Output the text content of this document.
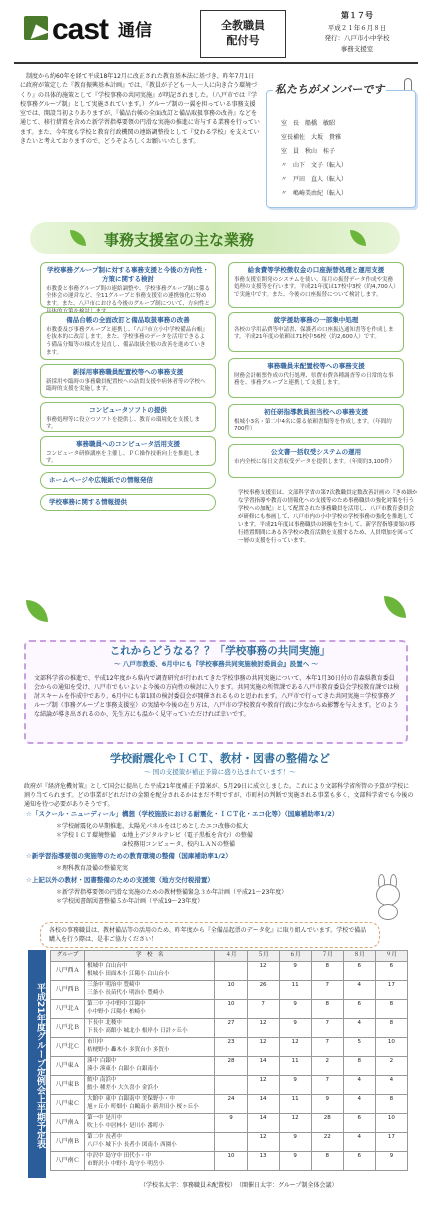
cast 通信	全教職員
配付号
第１７号
平成２１年６月８日
発行：八戸市小中学校
事務支援室

制度から約60年を経て平成18年12月に改正された教育基本法に基づき、昨年7月1日に政府が策定した『教育振興基本計画』では、『教員が子ども一人一人に向き合う環境づくり』の具体的施策として『学校事務の共同実施』が明記されました。（八戸市では『学校事務グループ制』として実施されています。）グループ制の一翼を担っている事務支援室では、開設当初よりありますが、『備品台帳の全面改訂と備品取扱事務の改善』などを通じて、移行措置を含めた新学習指導要領の円滑な実施の推進に寄与する業務を行っています。また、今年度も学校と教育行政機関の連絡調整役として『変わる学校』を支えていきたいと考えておりますので、どうぞよろしくお願いいたします。

私たちがメンバーです
室　長　 船橋　敏昭
室長補佐　 大坂　貴雅
室　員　 秋山　桂子
〃　 山下　文子（転入）
〃　 戸田　直人（転入）
〃　 嶋崎美由紀（転入）
事務支援室の主な業務
学校事務グループ制に対する事務支援と今後の方向性・方策に関する検討
市教委と事務グループ間の連絡調整や、学校事務グループ制に係る全体会の運営など、全11グループと事務支援室の連携強化に努めます。また、八戸市における今後のグループ制について、方向性と
給食費等学校徴収金の口座振替処理と運用支援
事務支援室開発のシステムを使い、毎月の振替データ作成や実務処理の支援等を行います。平成21年度は17校中3校（約4,700人）で実施中です。また、今後の口座振替について検討します。
備品台帳の全面改訂と備品取扱事務の改善
市教委及び事務グループと連携し、『八戸市立小中学校備品台帳』を抜本的に改訂します。また、学校事務のデータを活用できるよう備品分類等の様式を見直し、備品取扱全般の改善を進めていきます。
就学援助事務の一部集中処理
各校の学用品費等申請書、保護者の口座振込通知書等を作成します。平成21年度の依頼は71校中56校（約2,600人）です。
新採用事務職員配置校等への事務支援
新採用や臨時の事務職員配置校への訪問支援や病休者等の学校へ臨時的支援を実施します。
事務職員未配置校等への事務支援
財務会計帳票作成の代行処理、県費市費各種調査等の日常的な事務を、事務グループと連携して支援します。
コンピュータソフトの提供
事務処理等に役立つソフトを提供し、教育の環境化を支援します。
初任研指導教員担当校への事務支援
根城小3名・第二中4名に係る依頼書類等を作成します。（年間約700件）
事務職員へのコンピュータ活用支援
コンピュータ研修講座を主催し、ＰＣ操作技術向上を推進します。
公文書一括収受システムの運用
市内全校に毎日文書収受データを提供します。（年間約3,100件）
ホームページや広報紙での情報発信
学校事務に関する情報提供
学校事務支援室は、文部科学省の第7次教職員定数改善計画の『きめ細かな学習指導や教育の情報化への支援等のため事務職員の強化対策を行う学校への加配』として配置された事務職員を活用し、八戸市教育委員会が研修にも参画して、八戸市内の小中学校の学校事務の強化を推進しています。平成21年度は事務職員の経験を生かして、新学習指導要領の移行措置期間にある各学校の教育活動を支援するため、人員増加を図って一層の支援を行っています。
これからどうなる？？「学校事務の共同実施」
～ 八戸市教委、6月中にも『学校事務共同実施検討委員会』設置へ ～
文部科学省の推進で、平成12年度から県内で調査研究が行われてきた学校事務の共同実施について、本年1月30日付の青森県教育委員会からの通知を受け、八戸市でもいよいよ今後の方向性の検討に入ります。共同実施の所管課である八戸市教育委員会学校教育課では検討スキームを作成中であり、6月中にも第1回の検討委員会が開催されるものと思われます。八戸市で行ってきた共同実施＝学校事務グループ制（事務グループと事務支援室）の実績や今後の在り方は、八戸市の学校教育や教育行政に少なからぬ影響を与えます。どのような結論が導き出されるのか、先生方にも温かく見守っていただければ幸いです。
学校耐震化やＩＣＴ、教材・図書の整備など
～ 国の支援策が補正予算に盛り込まれています！～
政府が『経済危機対策』として国会に提出した平成21年度補正予算案が、5月29日に成立しました。これにより文部科学省所管の予算が学校に割り当てられます。どの事業がどれだけの金額を配分されるかはまだ不明ですが、市町村の判断で実施される事業も多く、文部科学省でも今後の通知を待つ必要がありそうです。
☆「スクール・ニューディール」構想（学校施設における耐震化・ＩＣＴ化・エコ化等）（国庫補助率1/2）
＊学校耐震化の早期推進、太陽光パネルをはじめとしたエコ改修の拡大
＊学校ＩＣＴ環境整備　①地上デジタルテレビ（電子黒板を含む）の整備
　　　　　　　　　　　②校務用コンピュータ、校内ＬＡＮの整備
☆新学習指導要領の実施等のための教育環境の整備（国庫補助率1/2）
＊理科教育設備の整備充実
☆上記以外の教材・図書整備のための支援策（地方交付税措置）
＊新学習指導要領の円滑な実施のための教材整備緊急３か年計画（平成21～23年度）
＊学校図書館図書整備５か年計画（平成19～23年度）
各校の事務職員は、教材備品等の活用のため、昨年度から『全備品起票のデータ化』に取り組んでいます。学校で備品購入を行う際は、是非ご協力ください！
平成21年度グループ定例会上半期予定表
グループ	学　校　名	４月	５月	６月	７月	８月	９月
八戸西Ａ	根城中 白山台中
根城小 田面木小 江陽小 白山台小		12	9	8	6	6
八戸西Ｂ	三条中 明治中 豊崎中
三条小 長苗代小 明治小 豊崎小	10	26	11	7	4	17
八戸北Ａ	第三中 小中野中 江陽中
小中野小 江陽小 柏崎小	10	7	9	8	6	8
八戸北Ｂ	下長中 北稜中
下長小 高館小 城北小 根岸小 日計ヶ丘小	27	12	9	7	4	8
八戸北Ｃ	市川中
桔梗野小 轟木小 多賀台小 多賀小	23	12	12	7	5	10
八戸東Ａ	湊中 白銀中
湊小 湊東小 白銀小 白銀南小	28	14	11	2	8	2
八戸東Ｂ	鮫中 南浜中
鮫小 種差小 大久喜小 金浜小		12	9	7	4	4
八戸東Ｃ	大館中 東中 白銀南中 美保野小・中
旭ヶ丘小 町畑小 白鷗南小 新井田小 桜ヶ丘小	24	14	11	9	4	8
八戸南Ａ	第一中 是川中
吹上小 中居林小 是川小 番町小	9	14	12	28	6	10
八戸南Ｂ	第二中 長者中
八戸小 城下小 長者小 図南小 西園小		12	9	22	4	17
八戸南Ｃ	中沢中 島守中 田代小・中
市野沢小 中野小 島守小 明岳小	10	13	9	8	6	9
（学校名太字：事務職員未配置校）　（開催日太字：グループ制全体会議）
